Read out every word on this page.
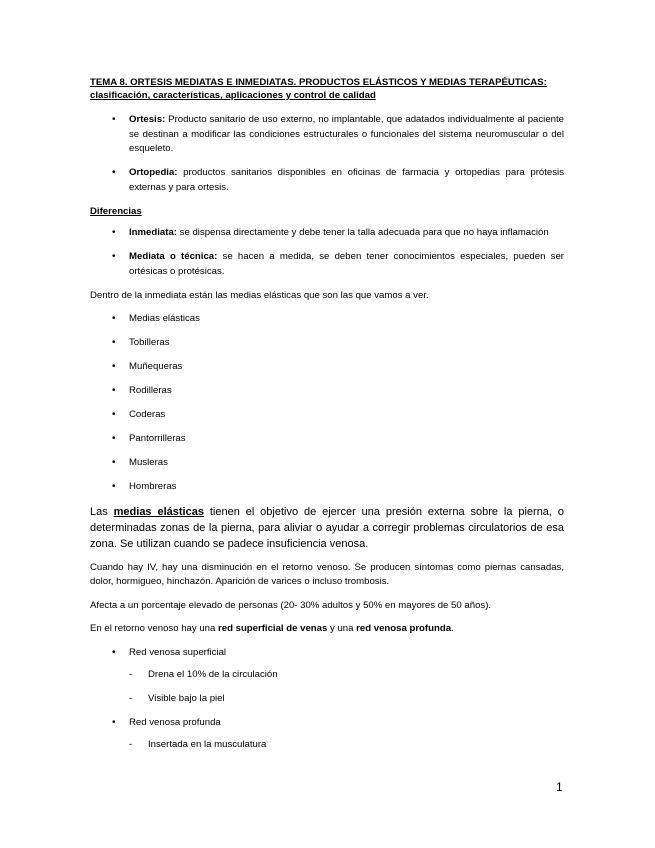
TEMA 8. ORTESIS MEDIATAS E INMEDIATAS. PRODUCTOS ELÁSTICOS Y MEDIAS TERAPÉUTICAS:
clasificación, características, aplicaciones y control de calidad
• Ortesis: Producto sanitario de uso externo, no implantable, que adatados individualmente al paciente se destinan a modificar las condiciones estructurales o funcionales del sistema neuromuscular o del esqueleto.
• Ortopedia: productos sanitarios disponibles en oficinas de farmacia y ortopedias para prótesis externas y para ortesis.
Diferencias
• Inmediata: se dispensa directamente y debe tener la talla adecuada para que no haya inflamación
• Mediata o técnica: se hacen a medida, se deben tener conocimientos especiales, pueden ser ortésicas o protésicas.

Dentro de la inmediata están las medias elásticas que son las que vamos a ver.

• Medias elásticas
• Tobilleras
• Muñequeras
• Rodilleras
• Coderas
• Pantorrilleras
• Musleras
• Hombreras

Las medias elásticas tienen el objetivo de ejercer una presión externa sobre la pierna, o determinadas zonas de la pierna, para aliviar o ayudar a corregir problemas circulatorios de esa zona. Se utilizan cuando se padece insuficiencia venosa.

Cuando hay IV, hay una disminución en el retorno venoso. Se producen síntomas como piernas cansadas, dolor, hormigueo, hinchazón. Aparición de varices o incluso trombosis.

Afecta a un porcentaje elevado de personas (20- 30% adultos y 50% en mayores de 50 años).

En el retorno venoso hay una red superficial de venas y una red venosa profunda.

• Red venosa superficial
- Drena el 10% de la circulación
- Visible bajo la piel
• Red venosa profunda
- Insertada en la musculatura
1
